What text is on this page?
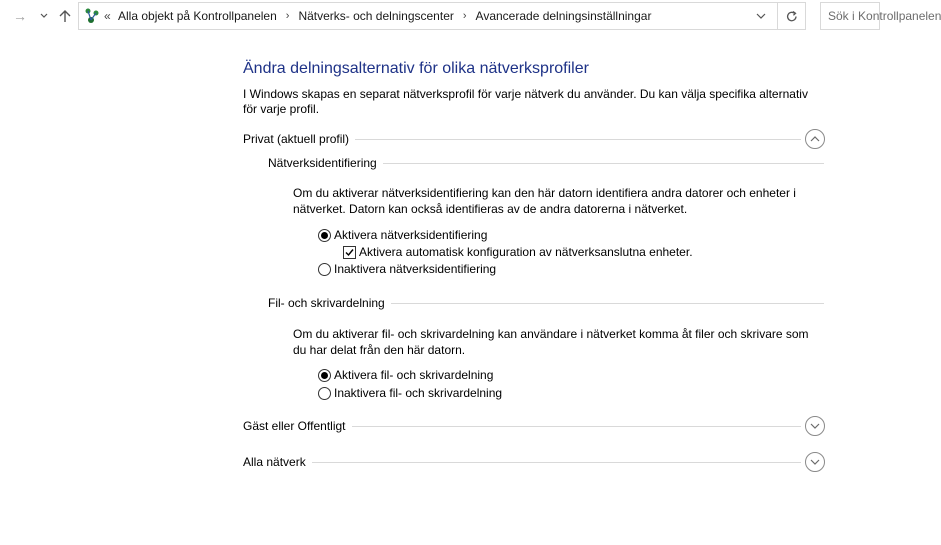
→	« Alla objekt på Kontrollpanelen › Nätverks- och delningscenter › Avancerade delningsinställningar	Sök i Kontrollpanelen
Ändra delningsalternativ för olika nätverksprofiler
I Windows skapas en separat nätverksprofil för varje nätverk du använder. Du kan välja specifika alternativ för varje profil.
Privat (aktuell profil)
Nätverksidentifiering
Om du aktiverar nätverksidentifiering kan den här datorn identifiera andra datorer och enheter i nätverket. Datorn kan också identifieras av de andra datorerna i nätverket.
Aktivera nätverksidentifiering
Aktivera automatisk konfiguration av nätverksanslutna enheter.
Inaktivera nätverksidentifiering
Fil- och skrivardelning
Om du aktiverar fil- och skrivardelning kan användare i nätverket komma åt filer och skrivare som du har delat från den här datorn.
Aktivera fil- och skrivardelning
Inaktivera fil- och skrivardelning
Gäst eller Offentligt
Alla nätverk
